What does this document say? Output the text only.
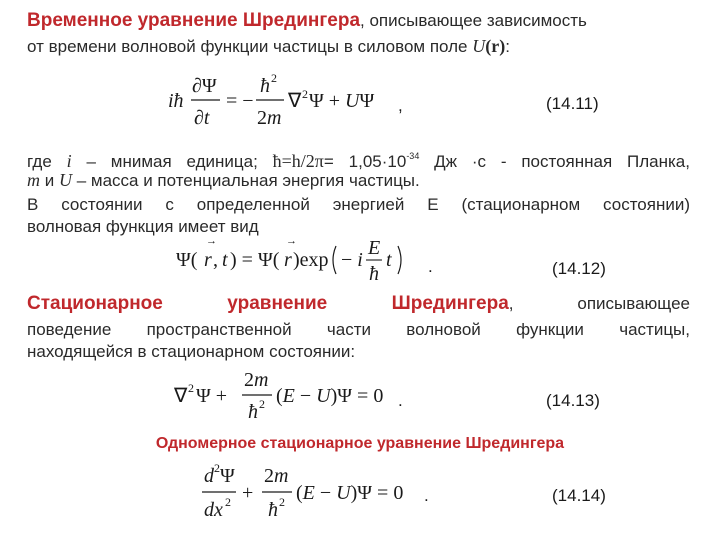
Временное уравнение Шредингера, описывающее зависимость
от времени волновой функции частицы в силовом поле U(r):
iħ
∂Ψ
∂t
= −
ħ 2
2m
∇ 2 Ψ + UΨ ,	(14.11)
где i – мнимая единица; ħ=h/2π= $1,05\cdot 10^{-34}$ Дж ·с - постоянная Планка,
m и U – масса и потенциальная энергия частицы.
В состоянии с определенной энергией E (стационарном состоянии)
волновая функция имеет вид
Ψ( r
→
, t ) = Ψ( r
→
)exp − i
E
ħ
t .	(14.12)
Стационарное уравнение Шредингера, описывающее
поведение пространственной части волновой функции частицы,
находящейся в стационарном состоянии:
∇ 2 Ψ +
2m
ħ 2 (E − U)Ψ = 0 .	(14.13)
Одномерное стационарное уравнение Шредингера
d 2 Ψ
dx 2 +
2m
ħ 2 (E − U)Ψ = 0 .	(14.14)
